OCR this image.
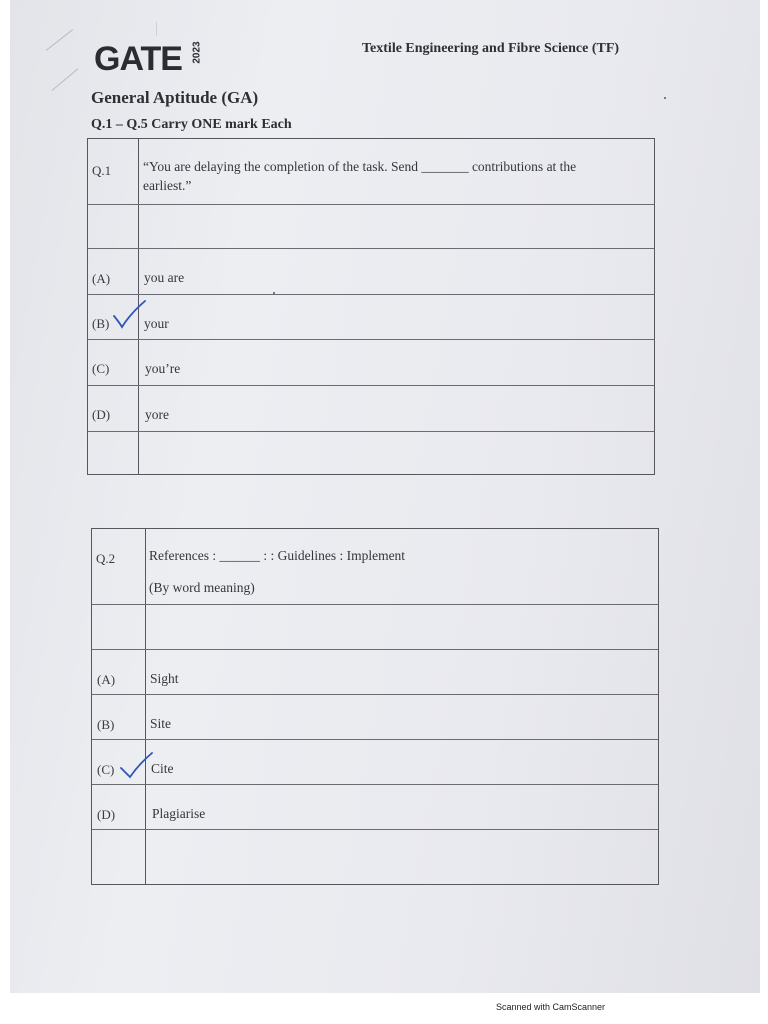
GATE 2023	Textile Engineering and Fibre Science (TF)
General Aptitude (GA)
Q.1 – Q.5 Carry ONE mark Each
Q.1 “You are delaying the completion of the task. Send _______ contributions at the
earliest.”
(A)	you are
(B)	your
(C)	you’re
(D)	yore
Q.2	References : ______ : : Guidelines : Implement
(By word meaning)
(A)	Sight
(B)	Site
(C)	Cite
(D)	Plagiarise
Scanned with CamScanner
